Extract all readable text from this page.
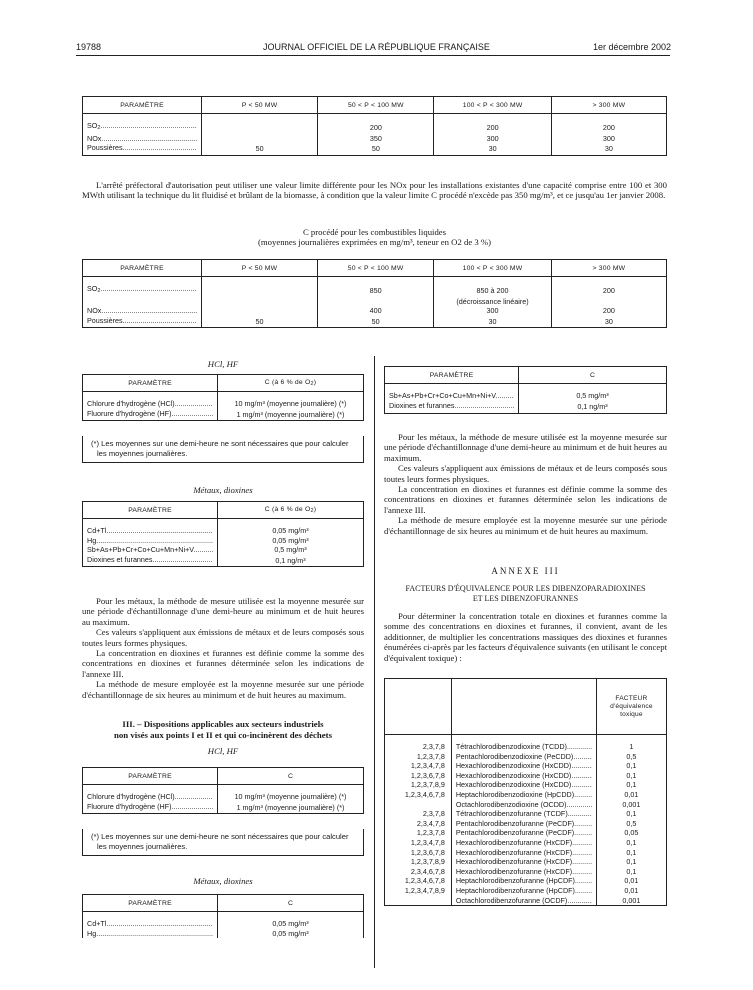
19788	JOURNAL OFFICIEL DE LA RÉPUBLIQUE FRANÇAISE	1er décembre 2002
PARAMÈTRE	P < 50 MW	50 < P < 100 MW	100 < P < 300 MW	> 300 MW
$SO_2$ .....		200	200	200
NOx .....		350	300	300
Poussières .....	50	50	30	30

L'arrêté préfectoral d'autorisation peut utiliser une valeur limite différente pour les NOx pour les installations existantes d'une capacité comprise entre 100 et 300 MWth utilisant la technique du lit fluidisé et brûlant de la biomasse, à condition que la valeur limite C procédé n'excède pas 350 mg/m³, et ce jusqu'au 1er janvier 2008.

C procédé pour les combustibles liquides
(moyennes journalières exprimées en mg/m³, teneur en O2 de 3 %)
PARAMÈTRE	P < 50 MW	50 < P < 100 MW	100 < P < 300 MW	> 300 MW
$SO_2$ .....		850	850 à 200	200
			(décroissance linéaire)	
NOx .....		400	300	200
Poussières .....	50	50	30	30
HCl, HF
PARAMÈTRE	C (à 6 % de $O_2$)
Chlorure d'hydrogène (HCl) .....	10 mg/m³ (moyenne journalière) (*)
Fluorure d'hydrogène (HF) .....	1 mg/m³ (moyenne journalière) (*)
(*) Les moyennes sur une demi-heure ne sont nécessaires que pour calculer les moyennes journalières.
Métaux, dioxines
PARAMÈTRE	C (à 6 % de $O_2$)
Cd+Tl .....	0,05 mg/m³
Hg .....	0,05 mg/m³
Sb+As+Pb+Cr+Co+Cu+Mn+Ni+V .....	0,5 mg/m³
Dioxines et furannes .....	0,1 ng/m³

Pour les métaux, la méthode de mesure utilisée est la moyenne mesurée sur une période d'échantillonnage d'une demi-heure au minimum et de huit heures au maximum.

Ces valeurs s'appliquent aux émissions de métaux et de leurs composés sous toutes leurs formes physiques.

La concentration en dioxines et furannes est définie comme la somme des concentrations en dioxines et furannes déterminée selon les indications de l'annexe III.

La méthode de mesure employée est la moyenne mesurée sur une période d'échantillonnage de six heures au minimum et de huit heures au maximum.

III. – Dispositions applicables aux secteurs industriels
non visés aux points I et II et qui co-incinèrent des déchets
HCl, HF
PARAMÈTRE	C
Chlorure d'hydrogène (HCl) .....	10 mg/m³ (moyenne journalière) (*)
Fluorure d'hydrogène (HF) .....	1 mg/m³ (moyenne journalière) (*)
(*) Les moyennes sur une demi-heure ne sont nécessaires que pour calculer les moyennes journalières.
Métaux, dioxines
PARAMÈTRE	C
Cd+Tl .....	0,05 mg/m³
Hg .....	0,05 mg/m³
PARAMÈTRE	C
Sb+As+Pb+Cr+Co+Cu+Mn+Ni+V .....	0,5 mg/m³
Dioxines et furannes .....	0,1 ng/m³

Pour les métaux, la méthode de mesure utilisée est la moyenne mesurée sur une période d'échantillonnage d'une demi-heure au minimum et de huit heures au maximum.

Ces valeurs s'appliquent aux émissions de métaux et de leurs composés sous toutes leurs formes physiques.

La concentration en dioxines et furannes est définie comme la somme des concentrations en dioxines et furannes déterminée selon les indications de l'annexe III.

La méthode de mesure employée est la moyenne mesurée sur une période d'échantillonnage de six heures au minimum et de huit heures au maximum.

ANNEXE III
FACTEURS D'ÉQUIVALENCE POUR LES DIBENZOPARADIOXINES
ET LES DIBENZOFURANNES

Pour déterminer la concentration totale en dioxines et furannes comme la somme des concentrations en dioxines et furannes, il convient, avant de les additionner, de multiplier les concentrations massiques des dioxines et furannes énumérées ci-après par les facteurs d'équivalence suivants (en utilisant le concept d'équivalent toxique) :

		FACTEUR
d'équivalence
toxique

2,3,7,8	Tétrachlorodibenzodioxine (TCDD) .....	1
1,2,3,7,8	Pentachlorodibenzodioxine (PeCDD) .....	0,5
1,2,3,4,7,8	Hexachlorodibenzodioxine (HxCDD) .....	0,1
1,2,3,6,7,8	Hexachlorodibenzodioxine (HxCDD) .....	0,1
1,2,3,7,8,9	Hexachlorodibenzodioxine (HxCDD) .....	0,1
1,2,3,4,6,7,8	Heptachlorodibenzodioxine (HpCDD) .....	0,01
	Octachlorodibenzodioxine (OCDD) .....	0,001
2,3,7,8	Tétrachlorodibenzofuranne (TCDF) .....	0,1
2,3,4,7,8	Pentachlorodibenzofuranne (PeCDF) .....	0,5
1,2,3,7,8	Pentachlorodibenzofuranne (PeCDF) .....	0,05
1,2,3,4,7,8	Hexachlorodibenzofuranne (HxCDF) .....	0,1
1,2,3,6,7,8	Hexachlorodibenzofuranne (HxCDF) .....	0,1
1,2,3,7,8,9	Hexachlorodibenzofuranne (HxCDF) .....	0,1
2,3,4,6,7,8	Hexachlorodibenzofuranne (HxCDF) .....	0,1
1,2,3,4,6,7,8	Heptachlorodibenzofuranne (HpCDF) .....	0,01
1,2,3,4,7,8,9	Heptachlorodibenzofuranne (HpCDF) .....	0,01
	Octachlorodibenzofuranne (OCDF) .....	0,001
